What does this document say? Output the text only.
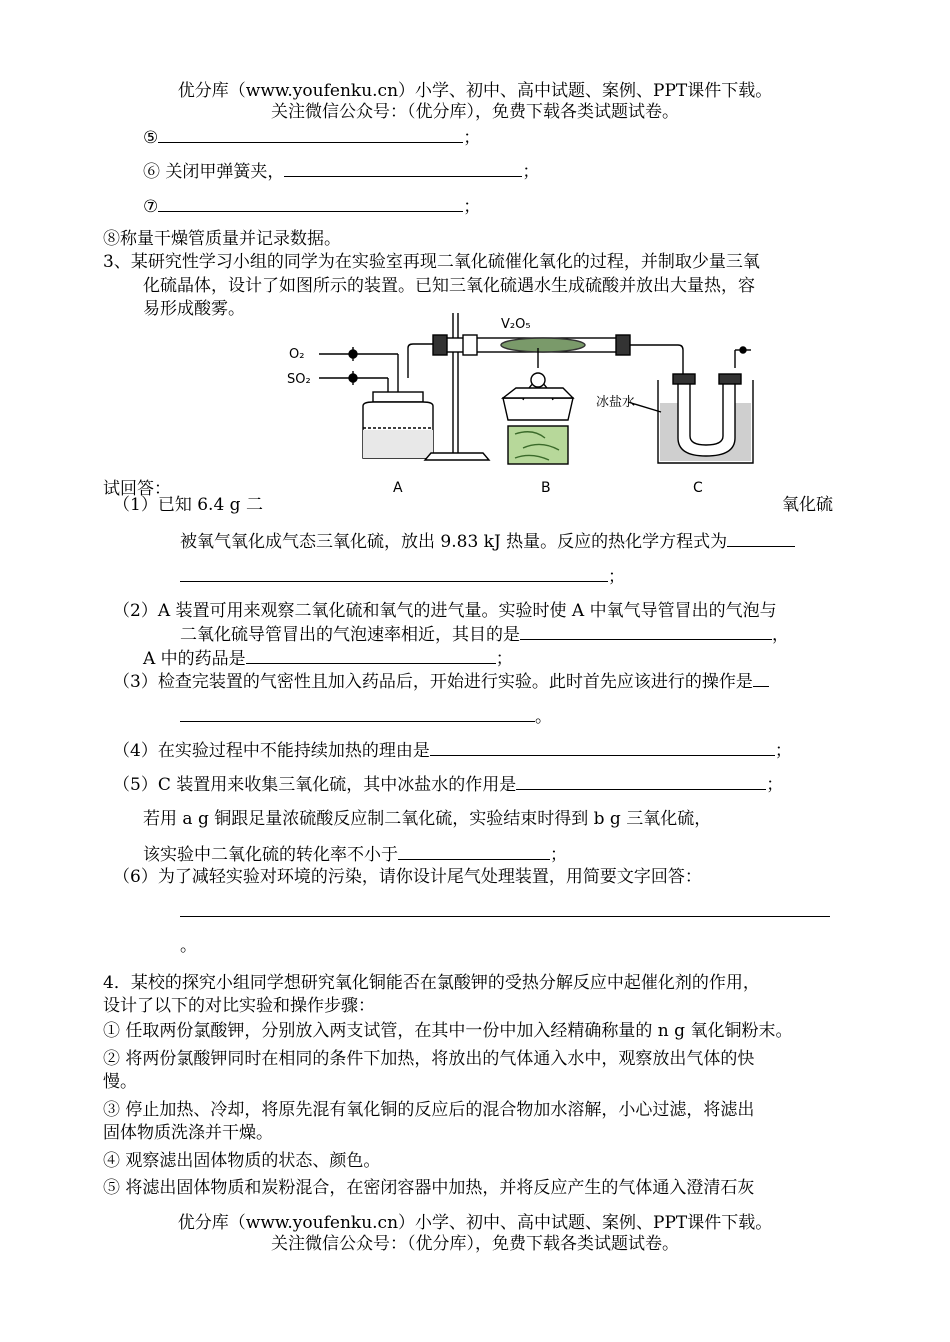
优分库（www.youfenku.cn）小学、初中、高中试题、案例、PPT课件下载。
关注微信公众号：（优分库），免费下载各类试题试卷。
⑤	；
⑥ 关闭甲弹簧夹，	；
⑦	；
⑧称量干燥管质量并记录数据。
3、某研究性学习小组的同学为在实验室再现二氧化硫催化氧化的过程，并制取少量三氧
化硫晶体，设计了如图所示的装置。已知三氧化硫遇水生成硫酸并放出大量热，容
易形成酸雾。
O₂
SO₂
V₂O₅
冰盐水
A	B	C
试回答：
（1）已知 6.4 g 二	氧化硫
被氧气氧化成气态三氧化硫，放出 9.83 kJ 热量。反应的热化学方程式为
；
（2）A 装置可用来观察二氧化硫和氧气的进气量。实验时使 A 中氧气导管冒出的气泡与
二氧化硫导管冒出的气泡速率相近，其目的是	，
A 中的药品是	；
（3）检查完装置的气密性且加入药品后，开始进行实验。此时首先应该进行的操作是
。
（4）在实验过程中不能持续加热的理由是	；
（5）C 装置用来收集三氧化硫，其中冰盐水的作用是	；
若用 a g 铜跟足量浓硫酸反应制二氧化硫，实验结束时得到 b g 三氧化硫，
该实验中二氧化硫的转化率不小于	；
（6）为了减轻实验对环境的污染，请你设计尾气处理装置，用简要文字回答：
。
4．某校的探究小组同学想研究氧化铜能否在氯酸钾的受热分解反应中起催化剂的作用，
设计了以下的对比实验和操作步骤：
① 任取两份氯酸钾，分别放入两支试管，在其中一份中加入经精确称量的 n g 氧化铜粉末。
② 将两份氯酸钾同时在相同的条件下加热，将放出的气体通入水中，观察放出气体的快
慢。
③ 停止加热、冷却，将原先混有氧化铜的反应后的混合物加水溶解，小心过滤，将滤出
固体物质洗涤并干燥。
④ 观察滤出固体物质的状态、颜色。
⑤ 将滤出固体物质和炭粉混合，在密闭容器中加热，并将反应产生的气体通入澄清石灰
优分库（www.youfenku.cn）小学、初中、高中试题、案例、PPT课件下载。
关注微信公众号：（优分库），免费下载各类试题试卷。
